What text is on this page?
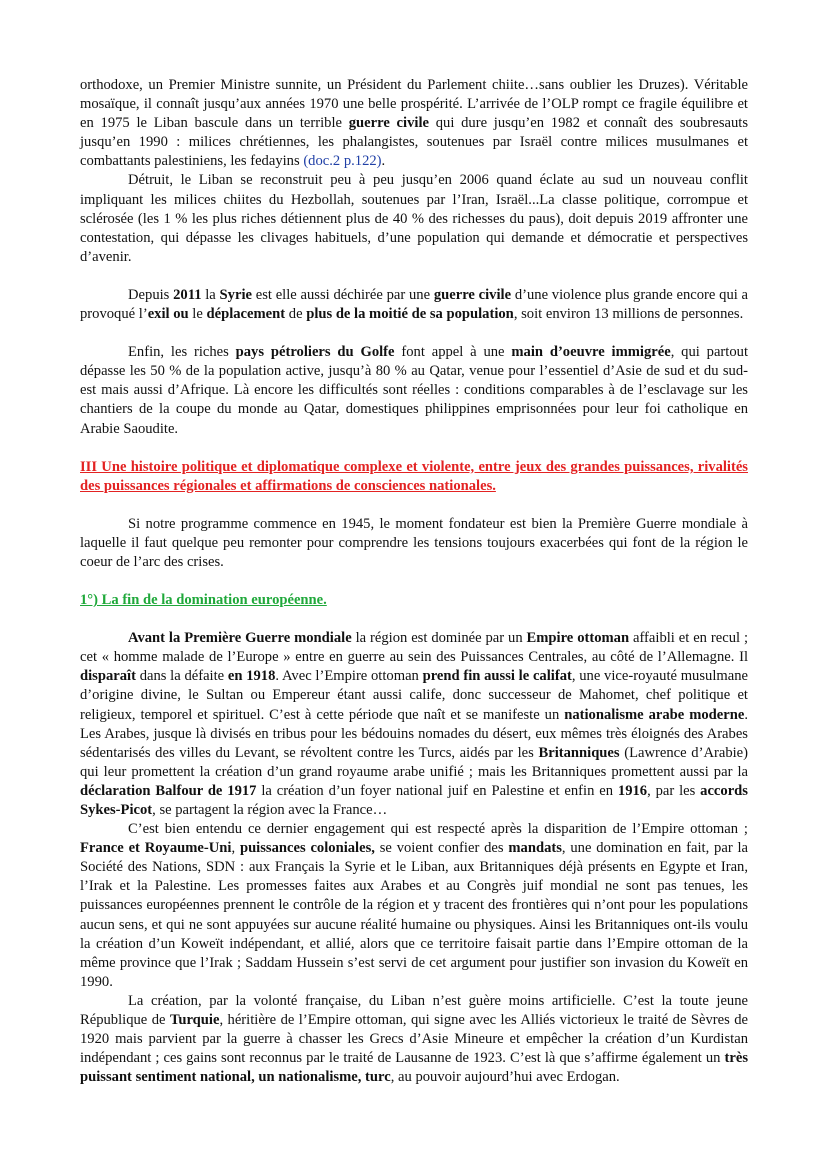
orthodoxe, un Premier Ministre sunnite, un Président du Parlement chiite…sans oublier les Druzes). Véritable mosaïque, il connaît jusqu’aux années 1970 une belle prospérité. L’arrivée de l’OLP rompt ce fragile équilibre et en 1975 le Liban bascule dans un terrible guerre civile qui dure jusqu’en 1982 et connaît des soubresauts jusqu’en 1990 : milices chrétiennes, les phalangistes, soutenues par Israël contre milices musulmanes et combattants palestiniens, les fedayins (doc.2 p.122).

Détruit, le Liban se reconstruit peu à peu jusqu’en 2006 quand éclate au sud un nouveau conflit impliquant les milices chiites du Hezbollah, soutenues par l’Iran, Israël...La classe politique, corrompue et sclérosée (les 1 % les plus riches détiennent plus de 40 % des richesses du paus), doit depuis 2019 affronter une contestation, qui dépasse les clivages habituels, d’une population qui demande et démocratie et perspectives d’avenir.

Depuis 2011 la Syrie est elle aussi déchirée par une guerre civile d’une violence plus grande encore qui a provoqué l’exil ou le déplacement de plus de la moitié de sa population, soit environ 13 millions de personnes.

Enfin, les riches pays pétroliers du Golfe font appel à une main d’oeuvre immigrée, qui partout dépasse les 50 % de la population active, jusqu’à 80 % au Qatar, venue pour l’essentiel d’Asie de sud et du sud-est mais aussi d’Afrique. Là encore les difficultés sont réelles : conditions comparables à de l’esclavage sur les chantiers de la coupe du monde au Qatar, domestiques philippines emprisonnées pour leur foi catholique en Arabie Saoudite.

III Une histoire politique et diplomatique complexe et violente, entre jeux des grandes puissances, rivalités des puissances régionales et affirmations de consciences nationales.

Si notre programme commence en 1945, le moment fondateur est bien la Première Guerre mondiale à laquelle il faut quelque peu remonter pour comprendre les tensions toujours exacerbées qui font de la région le coeur de l’arc des crises.

1°) La fin de la domination européenne.

Avant la Première Guerre mondiale la région est dominée par un Empire ottoman affaibli et en recul ; cet « homme malade de l’Europe » entre en guerre au sein des Puissances Centrales, au côté de l’Allemagne. Il disparaît dans la défaite en 1918. Avec l’Empire ottoman prend fin aussi le califat, une vice-royauté musulmane d’origine divine, le Sultan ou Empereur étant aussi calife, donc successeur de Mahomet, chef politique et religieux, temporel et spirituel. C’est à cette période que naît et se manifeste un nationalisme arabe moderne. Les Arabes, jusque là divisés en tribus pour les bédouins nomades du désert, eux mêmes très éloignés des Arabes sédentarisés des villes du Levant, se révoltent contre les Turcs, aidés par les Britanniques (Lawrence d’Arabie) qui leur promettent la création d’un grand royaume arabe unifié ; mais les Britanniques promettent aussi par la déclaration Balfour de 1917 la création d’un foyer national juif en Palestine et enfin en 1916, par les accords Sykes-Picot, se partagent la région avec la France…

C’est bien entendu ce dernier engagement qui est respecté après la disparition de l’Empire ottoman ; France et Royaume-Uni, puissances coloniales, se voient confier des mandats, une domination en fait, par la Société des Nations, SDN : aux Français la Syrie et le Liban, aux Britanniques déjà présents en Egypte et Iran, l’Irak et la Palestine. Les promesses faites aux Arabes et au Congrès juif mondial ne sont pas tenues, les puissances européennes prennent le contrôle de la région et y tracent des frontières qui n’ont pour les populations aucun sens, et qui ne sont appuyées sur aucune réalité humaine ou physiques. Ainsi les Britanniques ont-ils voulu la création d’un Koweït indépendant, et allié, alors que ce territoire faisait partie dans l’Empire ottoman de la même province que l’Irak ; Saddam Hussein s’est servi de cet argument pour justifier son invasion du Koweït en 1990.

La création, par la volonté française, du Liban n’est guère moins artificielle. C’est la toute jeune République de Turquie, héritière de l’Empire ottoman, qui signe avec les Alliés victorieux le traité de Sèvres de 1920 mais parvient par la guerre à chasser les Grecs d’Asie Mineure et empêcher la création d’un Kurdistan indépendant ; ces gains sont reconnus par le traité de Lausanne de 1923. C’est là que s’affirme également un très puissant sentiment national, un nationalisme, turc, au pouvoir aujourd’hui avec Erdogan.
